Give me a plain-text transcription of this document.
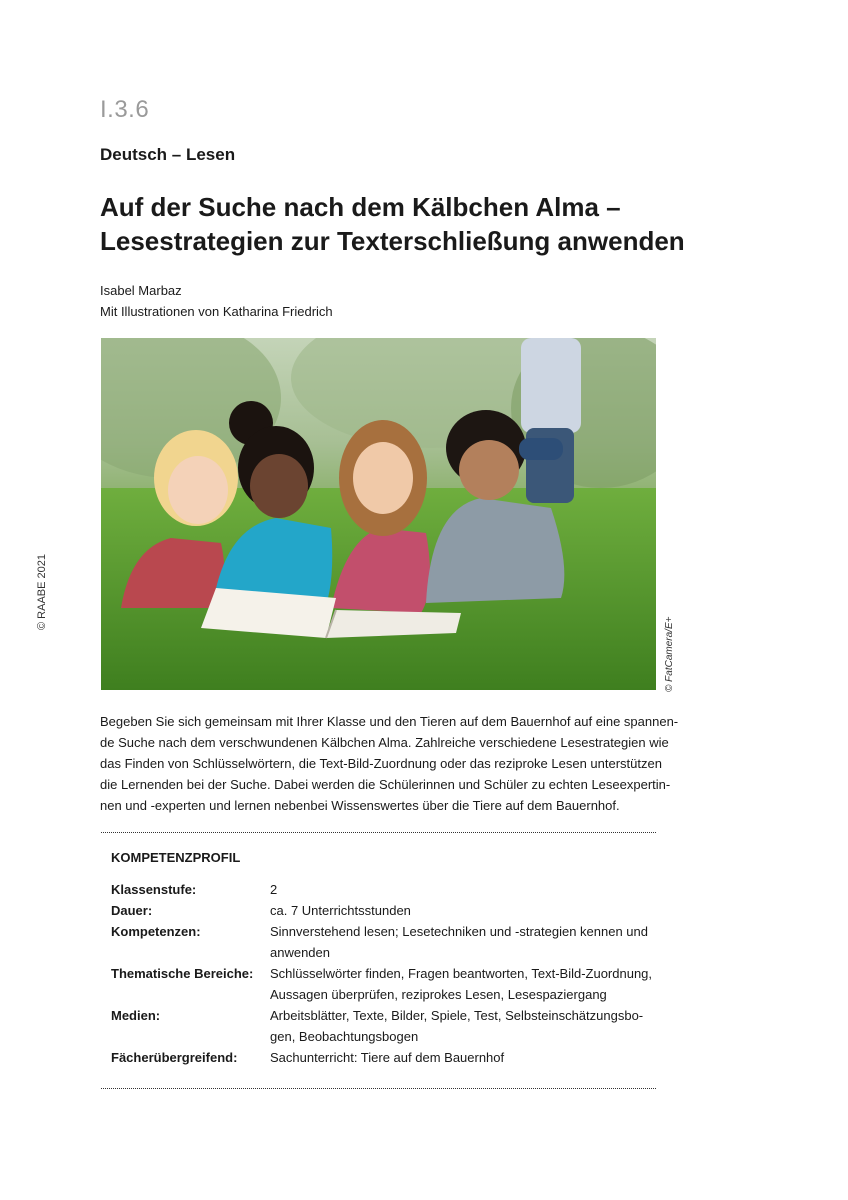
© RAABE 2021
I.3.6
Deutsch – Lesen
Auf der Suche nach dem Kälbchen Alma –
Lesestrategien zur Texterschließung anwenden
Isabel Marbaz
Mit Illustrationen von Katharina Friedrich
© FatCamera/E+

Begeben Sie sich gemeinsam mit Ihrer Klasse und den Tieren auf dem Bauernhof auf eine spannen-
de Suche nach dem verschwundenen Kälbchen Alma. Zahlreiche verschiedene Lesestrategien wie
das Finden von Schlüsselwörtern, die Text-Bild-Zuordnung oder das reziproke Lesen unterstützen
die Lernenden bei der Suche. Dabei werden die Schülerinnen und Schüler zu echten Leseexpertin-
nen und -experten und lernen nebenbei Wissenswertes über die Tiere auf dem Bauernhof.

KOMPETENZPROFIL
Klassenstufe:	2
Dauer:	ca. 7 Unterrichtsstunden
Kompetenzen:	Sinnverstehend lesen; Lesetechniken und -strategien kennen und
anwenden
Thematische Bereiche:	Schlüsselwörter finden, Fragen beantworten, Text-Bild-Zuordnung,
Aussagen überprüfen, reziprokes Lesen, Lesespaziergang
Medien:	Arbeitsblätter, Texte, Bilder, Spiele, Test, Selbsteinschätzungsbo-
gen, Beobachtungsbogen
Fächerübergreifend:	Sachunterricht: Tiere auf dem Bauernhof
